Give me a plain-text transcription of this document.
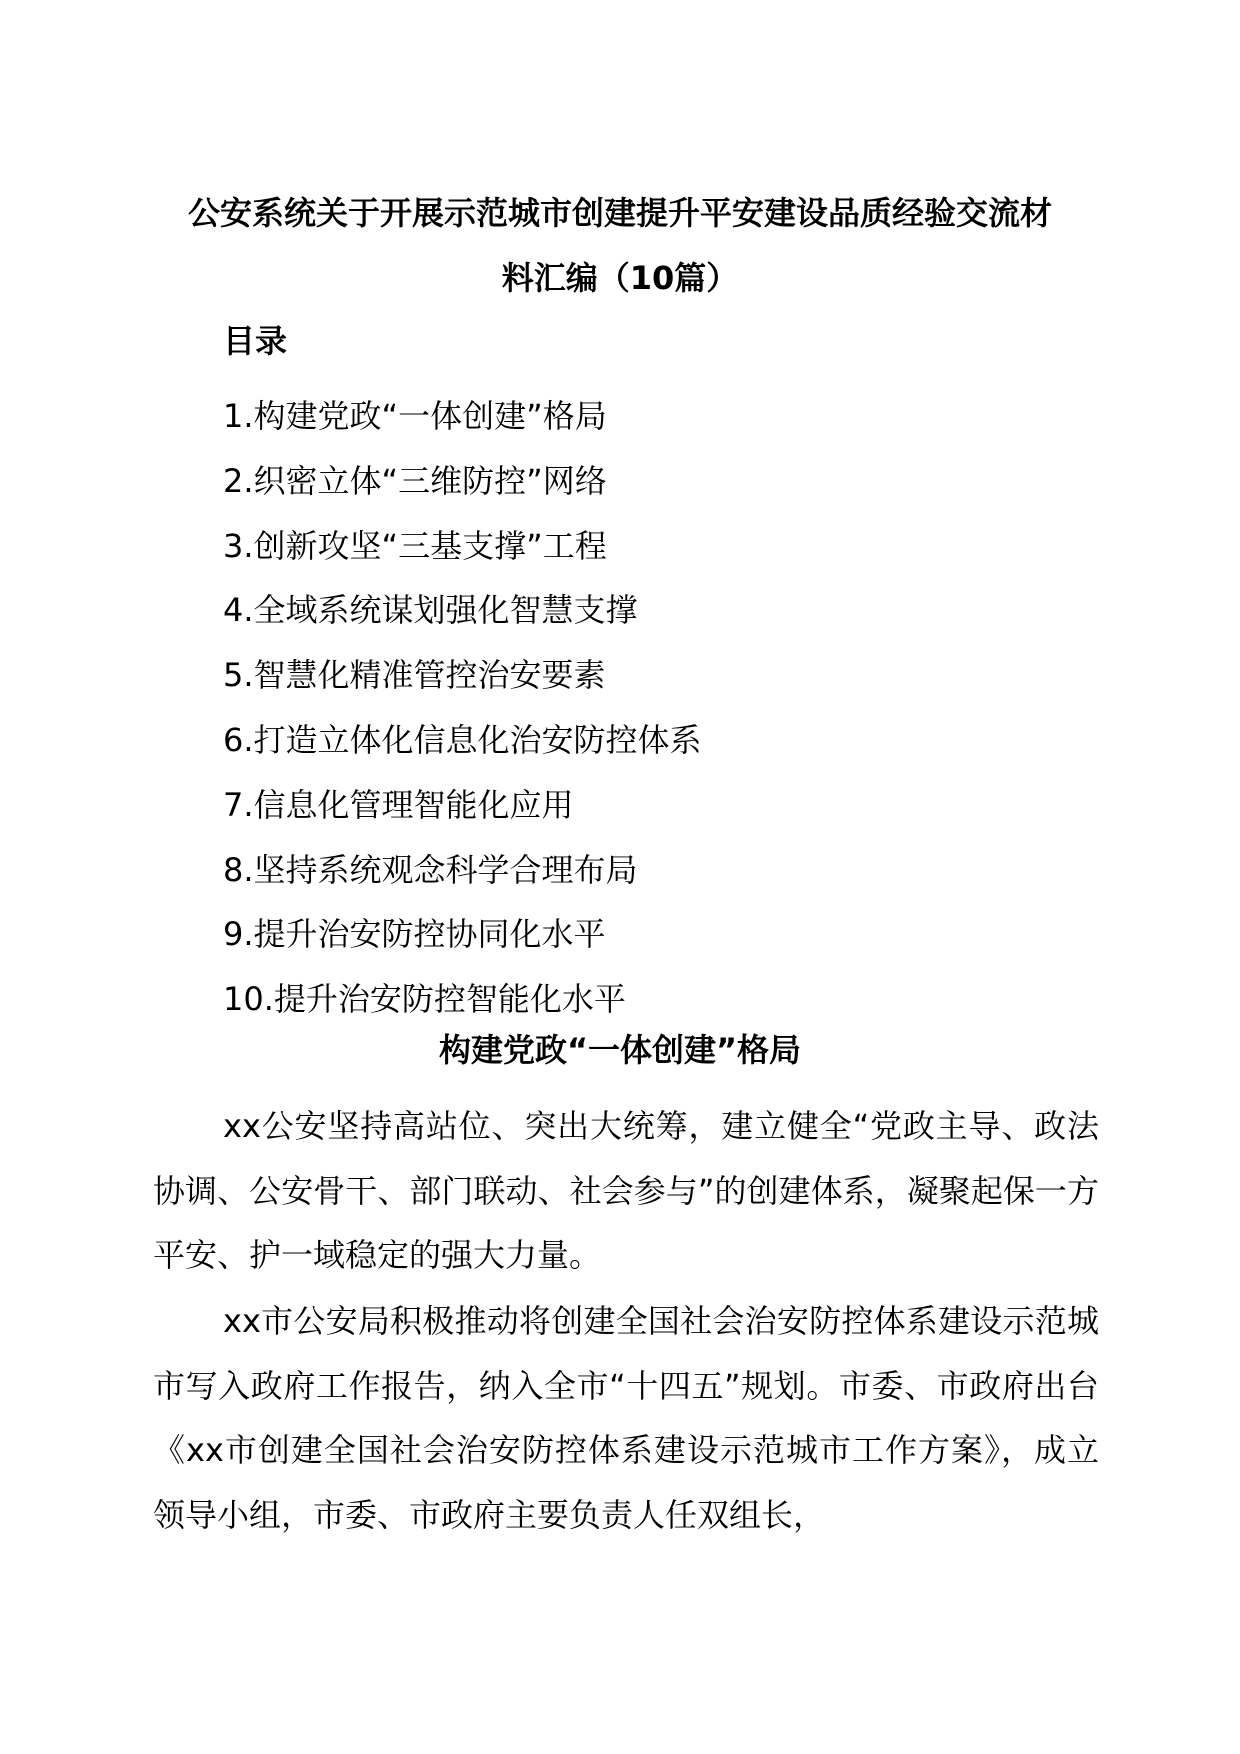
公安系统关于开展示范城市创建提升平安建设品质经验交流材
料汇编（10篇）
目录
1.构建党政“一体创建”格局
2.织密立体“三维防控”网络
3.创新攻坚“三基支撑”工程
4.全域系统谋划强化智慧支撑
5.智慧化精准管控治安要素
6.打造立体化信息化治安防控体系
7.信息化管理智能化应用
8.坚持系统观念科学合理布局
9.提升治安防控协同化水平
10.提升治安防控智能化水平
构建党政“一体创建”格局

xx公安坚持高站位、突出大统筹，建立健全“党政主导、政法协调、公安骨干、部门联动、社会参与”的创建体系，凝聚起保一方平安、护一域稳定的强大力量。

xx市公安局积极推动将创建全国社会治安防控体系建设示范城市写入政府工作报告，纳入全市“十四五”规划。市委、市政府出台《xx市创建全国社会治安防控体系建设示范城市工作方案》，成立领导小组，市委、市政府主要负责人任双组长，
